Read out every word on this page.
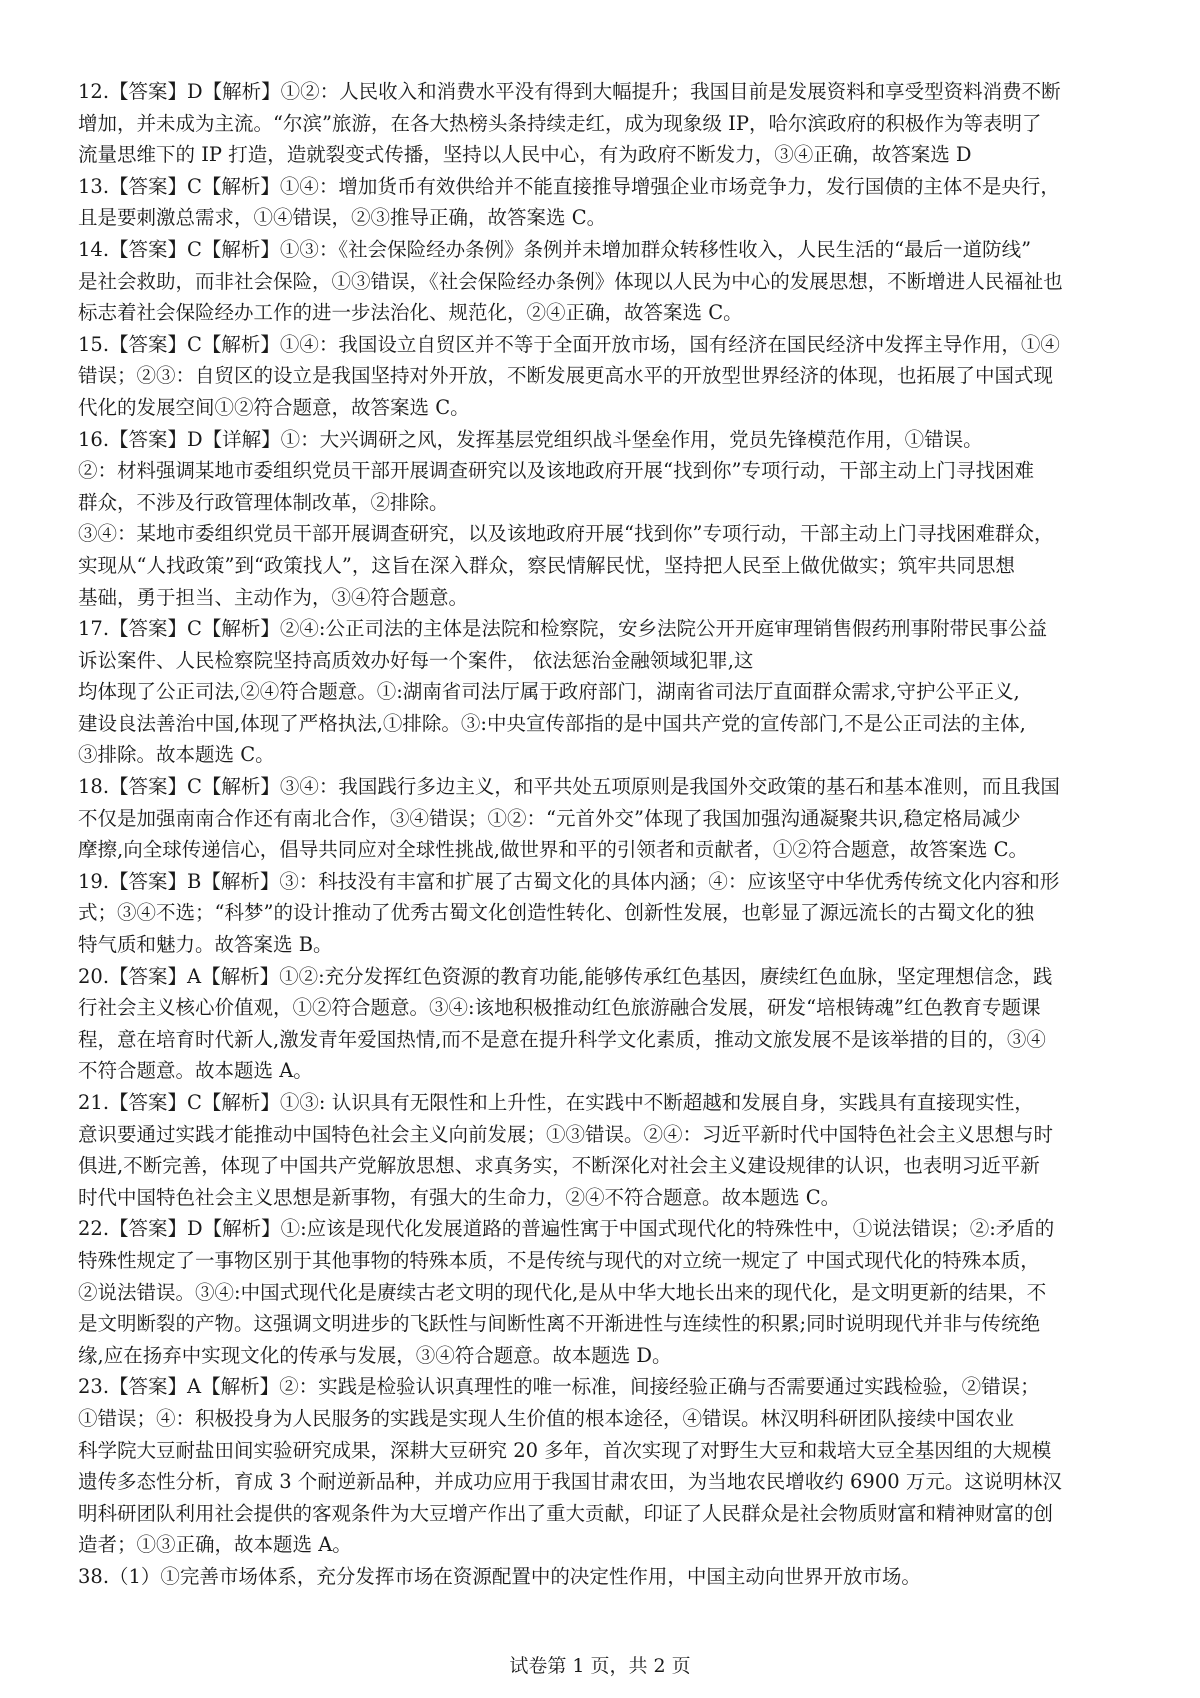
12.【答案】D【解析】①②：人民收入和消费水平没有得到大幅提升；我国目前是发展资料和享受型资料消费不断
增加，并未成为主流。“尔滨”旅游，在各大热榜头条持续走红，成为现象级 IP，哈尔滨政府的积极作为等表明了
流量思维下的 IP 打造，造就裂变式传播，坚持以人民中心，有为政府不断发力，③④正确，故答案选 D

13.【答案】C【解析】①④：增加货币有效供给并不能直接推导增强企业市场竞争力，发行国债的主体不是央行，
且是要刺激总需求，①④错误，②③推导正确，故答案选 C。

14.【答案】C【解析】①③：《社会保险经办条例》条例并未增加群众转移性收入，人民生活的“最后一道防线”
是社会救助，而非社会保险，①③错误，《社会保险经办条例》体现以人民为中心的发展思想，不断增进人民福祉也
标志着社会保险经办工作的进一步法治化、规范化，②④正确，故答案选 C。

15.【答案】C【解析】①④：我国设立自贸区并不等于全面开放市场，国有经济在国民经济中发挥主导作用，①④
错误；②③：自贸区的设立是我国坚持对外开放，不断发展更高水平的开放型世界经济的体现，也拓展了中国式现
代化的发展空间①②符合题意，故答案选 C。

16.【答案】D【详解】①：大兴调研之风，发挥基层党组织战斗堡垒作用，党员先锋模范作用，①错误。

②：材料强调某地市委组织党员干部开展调查研究以及该地政府开展“找到你”专项行动，干部主动上门寻找困难
群众，不涉及行政管理体制改革，②排除。

③④：某地市委组织党员干部开展调查研究，以及该地政府开展“找到你”专项行动，干部主动上门寻找困难群众，
实现从“人找政策”到“政策找人”，这旨在深入群众，察民情解民忧，坚持把人民至上做优做实；筑牢共同思想
基础，勇于担当、主动作为，③④符合题意。

17.【答案】C【解析】②④:公正司法的主体是法院和检察院，安乡法院公开开庭审理销售假药刑事附带民事公益
诉讼案件、人民检察院坚持高质效办好每一个案件， 依法惩治金融领域犯罪,这
均体现了公正司法,②④符合题意。①:湖南省司法厅属于政府部门，湖南省司法厅直面群众需求,守护公平正义,
建设良法善治中国,体现了严格执法,①排除。③:中央宣传部指的是中国共产党的宣传部门,不是公正司法的主体,
③排除。故本题选 C。

18.【答案】C【解析】③④：我国践行多边主义，和平共处五项原则是我国外交政策的基石和基本准则，而且我国
不仅是加强南南合作还有南北合作，③④错误；①②：“元首外交”体现了我国加强沟通凝聚共识,稳定格局减少
摩擦,向全球传递信心，倡导共同应对全球性挑战,做世界和平的引领者和贡献者，①②符合题意，故答案选 C。

19.【答案】B【解析】③：科技没有丰富和扩展了古蜀文化的具体内涵；④：应该坚守中华优秀传统文化内容和形
式；③④不选；“科梦”的设计推动了优秀古蜀文化创造性转化、创新性发展，也彰显了源远流长的古蜀文化的独
特气质和魅力。故答案选 B。

20.【答案】A【解析】①②:充分发挥红色资源的教育功能,能够传承红色基因，赓续红色血脉，坚定理想信念，践
行社会主义核心价值观，①②符合题意。③④:该地积极推动红色旅游融合发展，研发“培根铸魂”红色教育专题课
程，意在培育时代新人,激发青年爱国热情,而不是意在提升科学文化素质，推动文旅发展不是该举措的目的，③④
不符合题意。故本题选 A。

21.【答案】C【解析】①③: 认识具有无限性和上升性，在实践中不断超越和发展自身，实践具有直接现实性，
意识要通过实践才能推动中国特色社会主义向前发展；①③错误。②④：习近平新时代中国特色社会主义思想与时
俱进,不断完善，体现了中国共产党解放思想、求真务实，不断深化对社会主义建设规律的认识，也表明习近平新
时代中国特色社会主义思想是新事物，有强大的生命力，②④不符合题意。故本题选 C。

22.【答案】D【解析】①:应该是现代化发展道路的普遍性寓于中国式现代化的特殊性中，①说法错误；②:矛盾的
特殊性规定了一事物区别于其他事物的特殊本质，不是传统与现代的对立统一规定了 中国式现代化的特殊本质，
②说法错误。③④:中国式现代化是赓续古老文明的现代化,是从中华大地长出来的现代化，是文明更新的结果，不
是文明断裂的产物。这强调文明进步的飞跃性与间断性离不开渐进性与连续性的积累;同时说明现代并非与传统绝
缘,应在扬弃中实现文化的传承与发展，③④符合题意。故本题选 D。

23.【答案】A【解析】②：实践是检验认识真理性的唯一标准，间接经验正确与否需要通过实践检验，②错误；
①错误；④：积极投身为人民服务的实践是实现人生价值的根本途径，④错误。林汉明科研团队接续中国农业
科学院大豆耐盐田间实验研究成果，深耕大豆研究 20 多年，首次实现了对野生大豆和栽培大豆全基因组的大规模
遗传多态性分析，育成 3 个耐逆新品种，并成功应用于我国甘肃农田，为当地农民增收约 6900 万元。这说明林汉
明科研团队利用社会提供的客观条件为大豆增产作出了重大贡献，印证了人民群众是社会物质财富和精神财富的创
造者；①③正确，故本题选 A。

38.（1）①完善市场体系，充分发挥市场在资源配置中的决定性作用，中国主动向世界开放市场。

试卷第 1 页，共 2 页
